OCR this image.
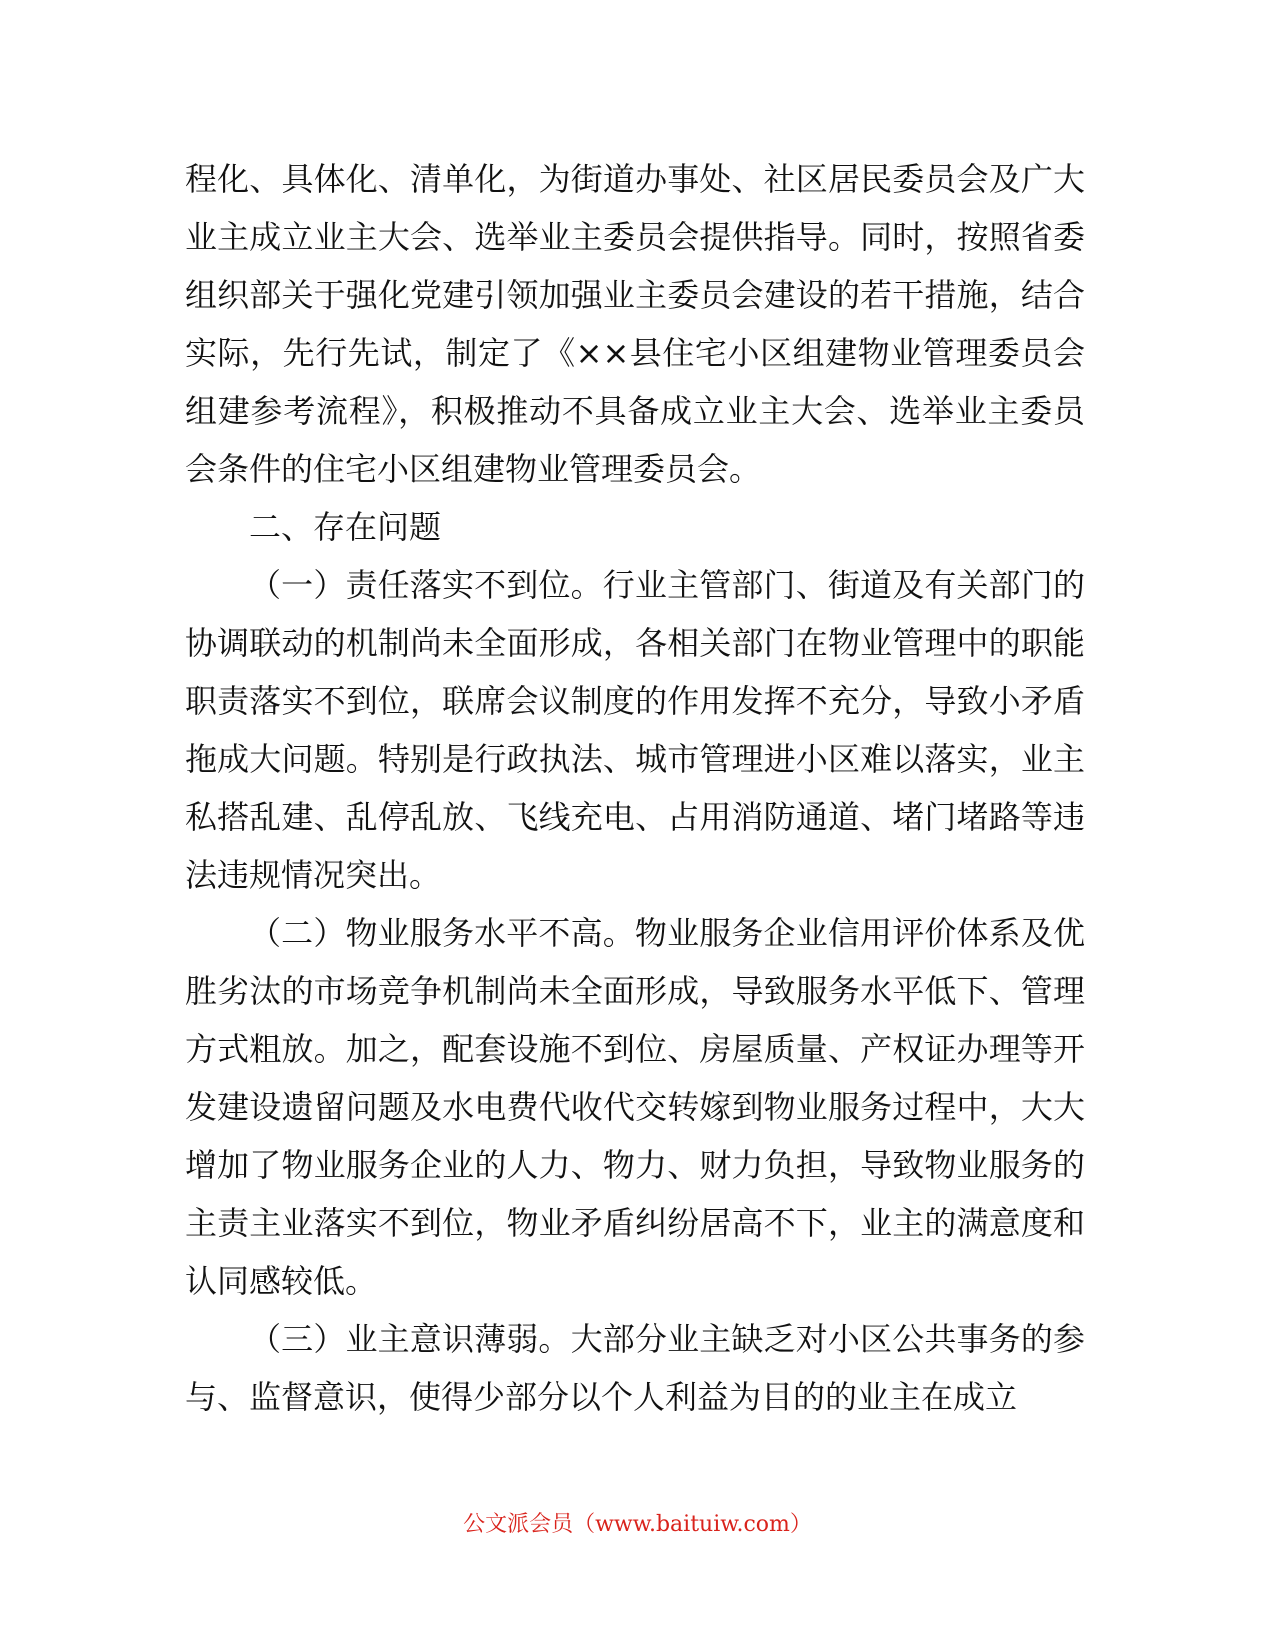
程化、具体化、清单化，为街道办事处、社区居民委员会及广大业主成立业主大会、选举业主委员会提供指导。同时，按照省委组织部关于强化党建引领加强业主委员会建设的若干措施，结合实际，先行先试，制定了《××县住宅小区组建物业管理委员会组建参考流程》，积极推动不具备成立业主大会、选举业主委员会条件的住宅小区组建物业管理委员会。

二、存在问题

（一）责任落实不到位。行业主管部门、街道及有关部门的协调联动的机制尚未全面形成，各相关部门在物业管理中的职能职责落实不到位，联席会议制度的作用发挥不充分，导致小矛盾拖成大问题。特别是行政执法、城市管理进小区难以落实，业主私搭乱建、乱停乱放、飞线充电、占用消防通道、堵门堵路等违法违规情况突出。

（二）物业服务水平不高。物业服务企业信用评价体系及优胜劣汰的市场竞争机制尚未全面形成，导致服务水平低下、管理方式粗放。加之，配套设施不到位、房屋质量、产权证办理等开发建设遗留问题及水电费代收代交转嫁到物业服务过程中，大大增加了物业服务企业的人力、物力、财力负担，导致物业服务的主责主业落实不到位，物业矛盾纠纷居高不下，业主的满意度和认同感较低。

（三）业主意识薄弱。大部分业主缺乏对小区公共事务的参与、监督意识，使得少部分以个人利益为目的的业主在成立

公文派会员（www.baituiw.com）
